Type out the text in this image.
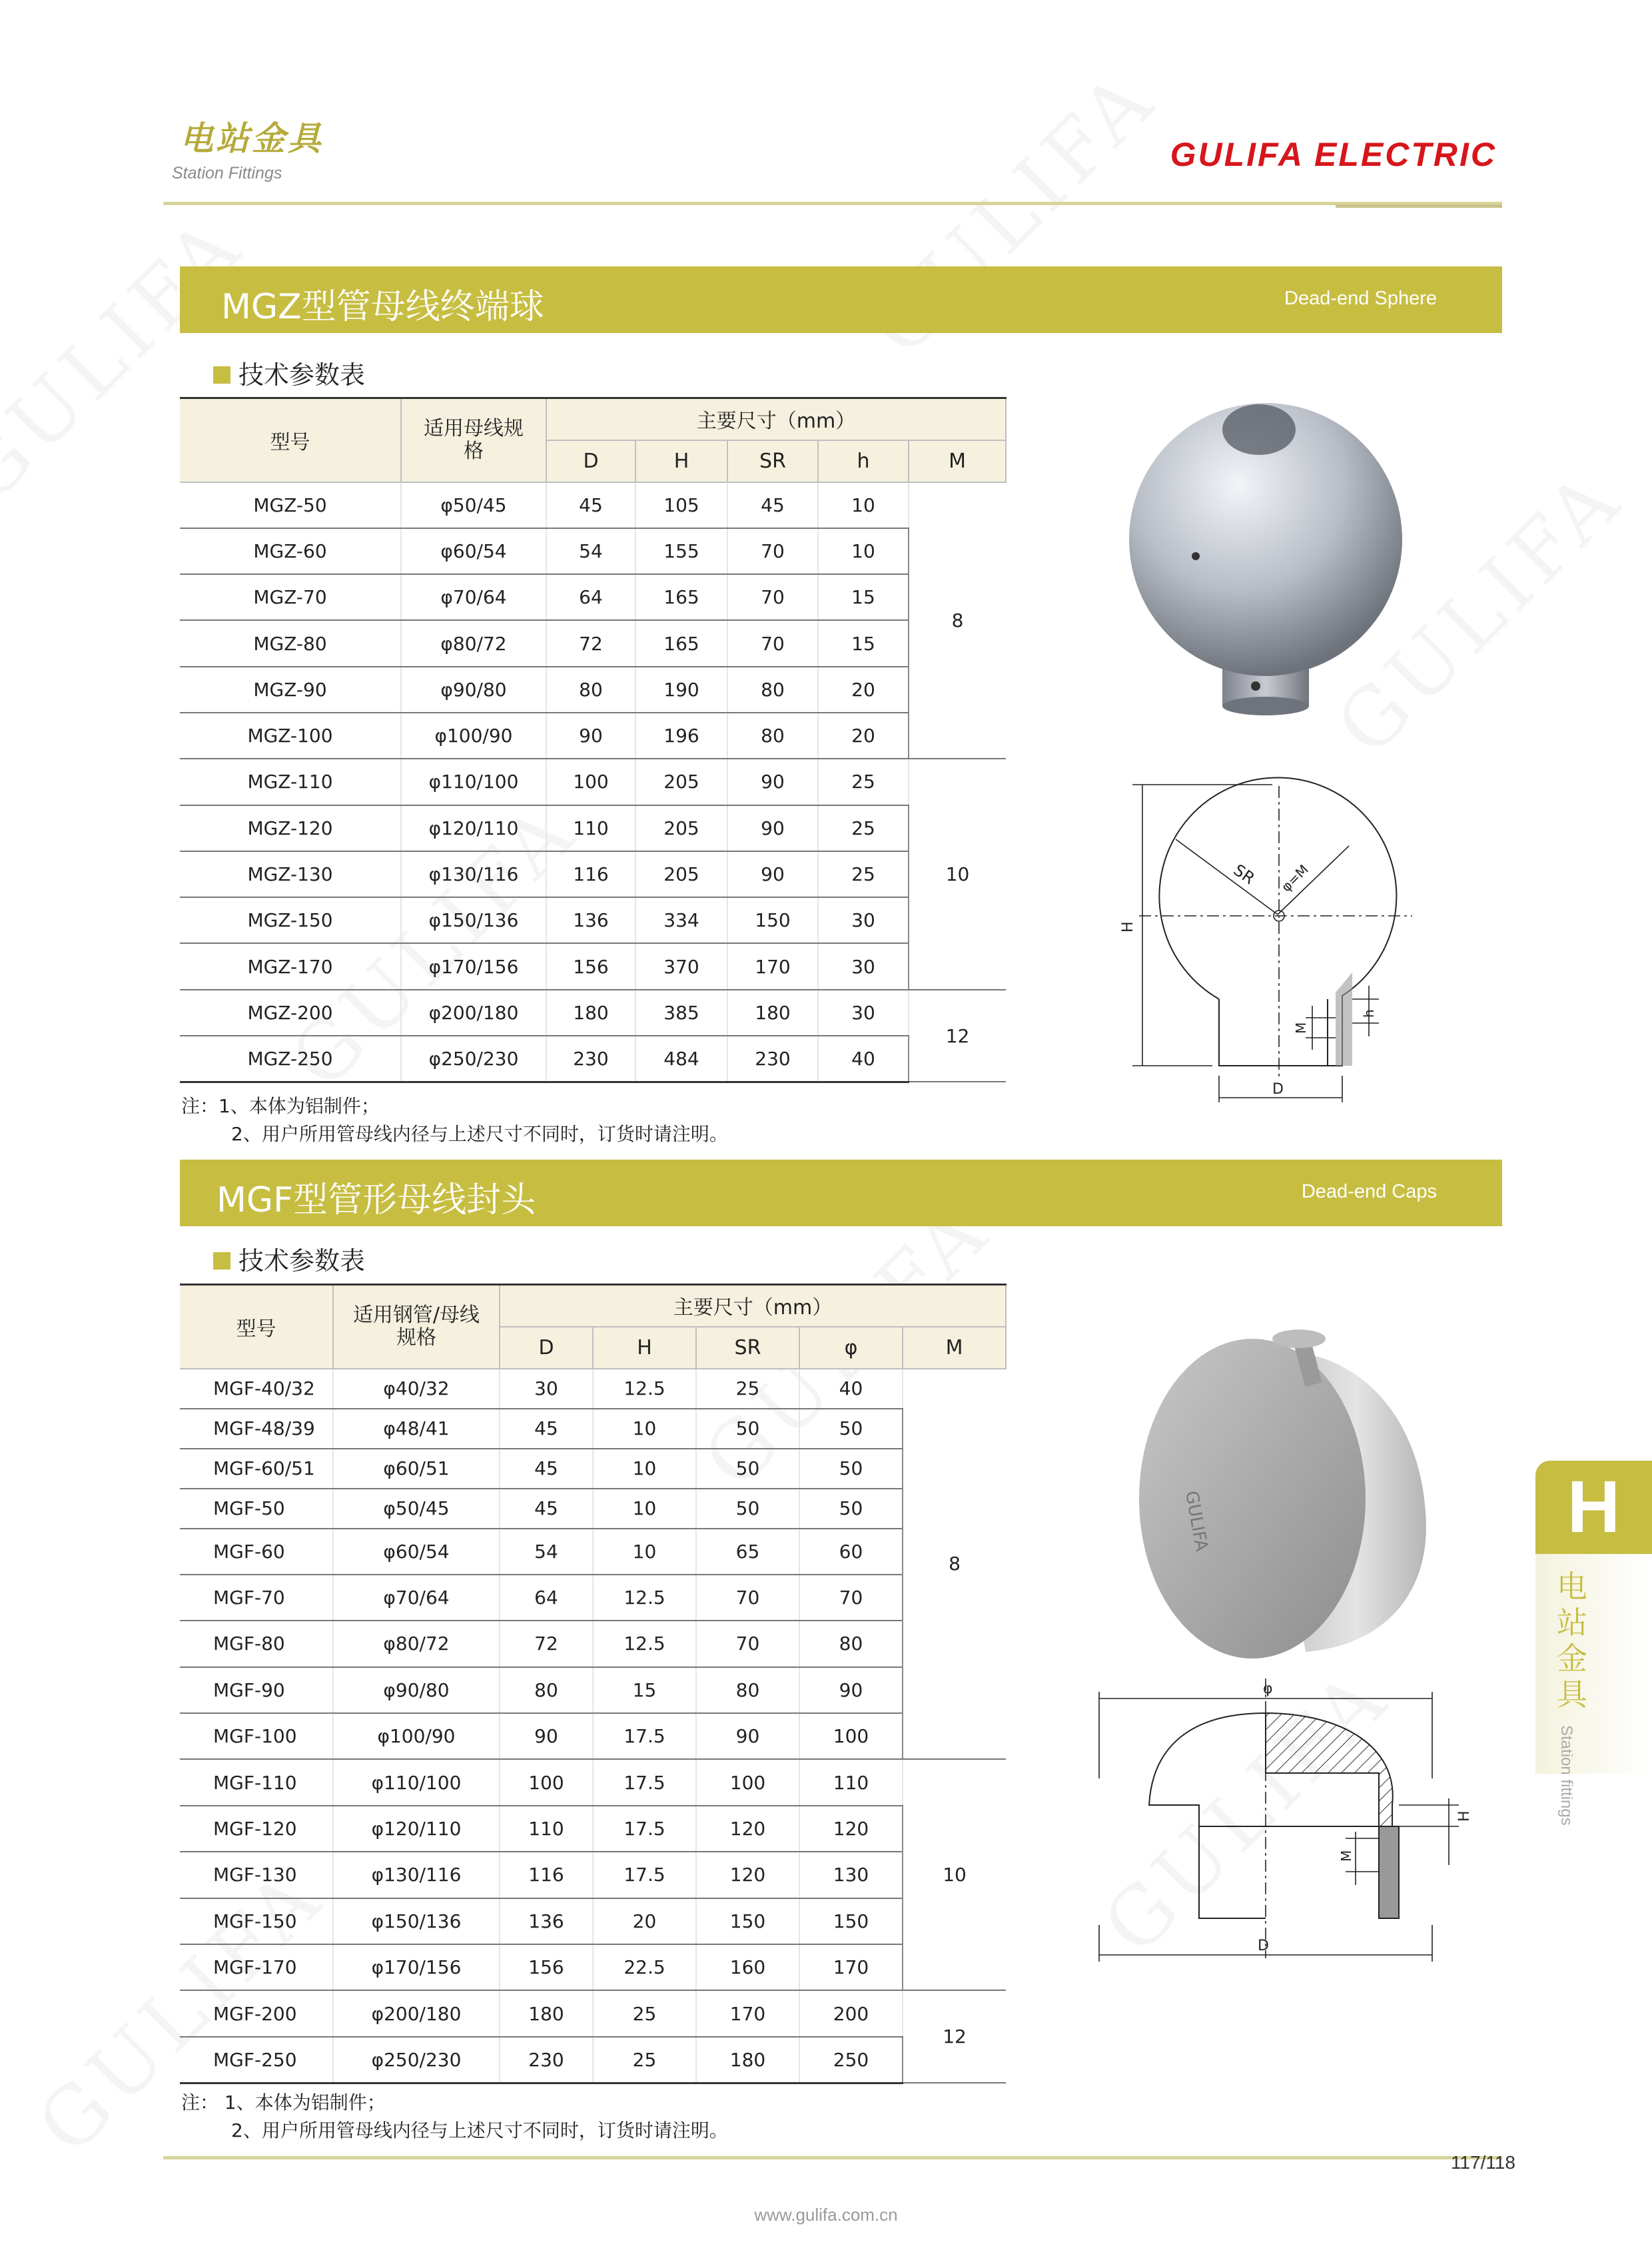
电站金具
Station Fittings	GULIFA ELECTRIC
MGZ型管母线终端球	Dead-end Sphere
技术参数表
型号	适用母线规格	主要尺寸（mm）				
		D	H	SR	h	M
MGZ-50	φ50/45	45	105	45	10	8
MGZ-60	φ60/54	54	155	70	10	
MGZ-70	φ70/64	64	165	70	15	
MGZ-80	φ80/72	72	165	70	15	
MGZ-90	φ90/80	80	190	80	20	
MGZ-100	φ100/90	90	196	80	20	
MGZ-110	φ110/100	100	205	90	25	10
MGZ-120	φ120/110	110	205	90	25	
MGZ-130	φ130/116	116	205	90	25	
MGZ-150	φ150/136	136	334	150	30	
MGZ-170	φ170/156	156	370	170	30	
MGZ-200	φ200/180	180	385	180	30	12
MGZ-250	φ250/230	230	484	230	40	
注：1、本体为铝制件；
2、用户所用管母线内径与上述尺寸不同时，订货时请注明。
SR φ=M
H
M
h
D
MGF型管形母线封头	Dead-end Caps
技术参数表
型号	适用钢管/母线规格	主要尺寸（mm）				
		D	H	SR	φ	M
MGF-40/32	φ40/32	30	12.5	25	40	8
MGF-48/39	φ48/41	45	10	50	50	
MGF-60/51	φ60/51	45	10	50	50	
MGF-50	φ50/45	45	10	50	50	
MGF-60	φ60/54	54	10	65	60	
MGF-70	φ70/64	64	12.5	70	70	
MGF-80	φ80/72	72	12.5	70	80	
MGF-90	φ90/80	80	15	80	90	
MGF-100	φ100/90	90	17.5	90	100	
MGF-110	φ110/100	100	17.5	100	110	10
MGF-120	φ120/110	110	17.5	120	120	
MGF-130	φ130/116	116	17.5	120	130	
MGF-150	φ150/136	136	20	150	150	
MGF-170	φ170/156	156	22.5	160	170	
MGF-200	φ200/180	180	25	170	200	12
MGF-250	φ250/230	230	25	180	250	
注： 1、本体为铝制件；
2、用户所用管母线内径与上述尺寸不同时，订货时请注明。
GULIFA
φ
H
M
D
H
电站金具
Station fittings
117/118
www.gulifa.com.cn
